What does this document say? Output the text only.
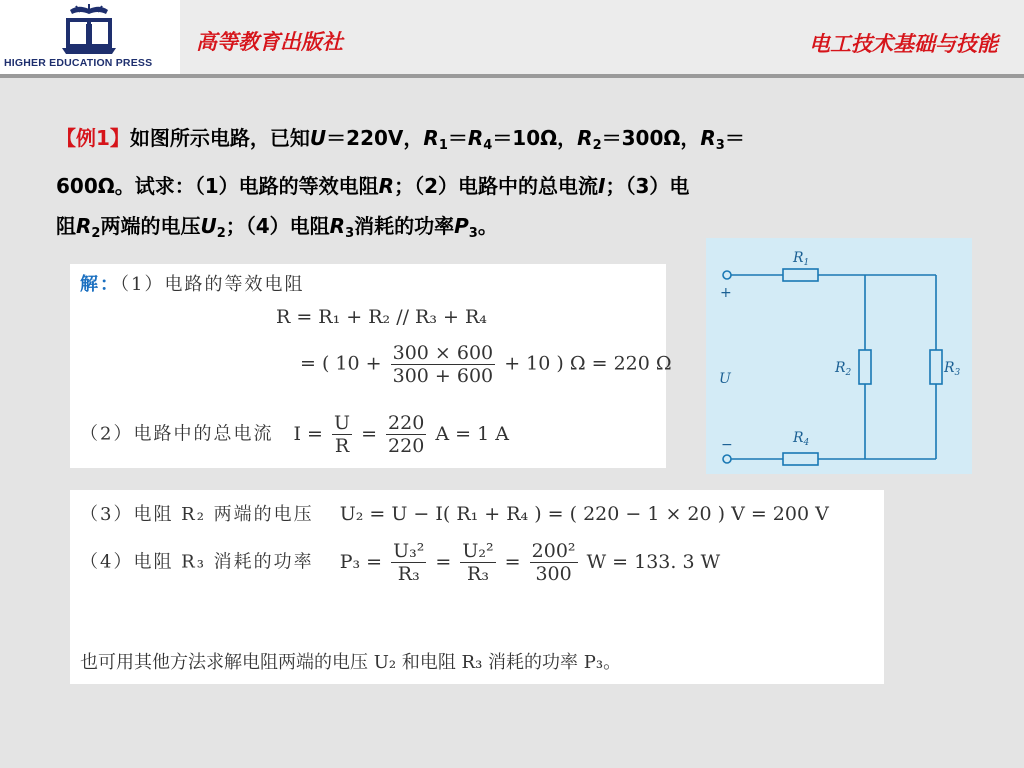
HIGHER EDUCATION PRESS
高等教育出版社	电工技术基础与技能
【例1】如图所示电路，已知U＝220V，$R_1=R_4=10\Omega$，$R_2=300\Omega$，$R_3=$
600Ω。试求：（1）电路的等效电阻R；（2）电路中的总电流I；（3）电
阻$R_2$两端的电压$U_2$；（4）电阻$R_3$消耗的功率$P_3$。
解：（1）电路的等效电阻
R = R₁ + R₂ // R₃ + R₄
= ( $10 + \frac{300 \times 600}{300 + 600} + 10$ ) Ω = 220 Ω
（2）电路中的总电流 $I = \frac{U}{R} = \frac{220}{220}$ A = 1 A
$R_1$
$R_2$	$R_3$
$R_4$
U
+
−
（3）电阻 R₂ 两端的电压 U₂ = U − I( R₁ + R₄ ) = ( 220 − 1 × 20 ) V = 200 V
（4）电阻 R₃ 消耗的功率 $P_3 = \frac{\text{U₃²}}{\text{R₃}} = \frac{\text{U₂²}}{\text{R₃}} = \frac{\text{200²}}{300}$ W = 133. 3 W
也可用其他方法求解电阻两端的电压 U₂ 和电阻 R₃ 消耗的功率 P₃。
